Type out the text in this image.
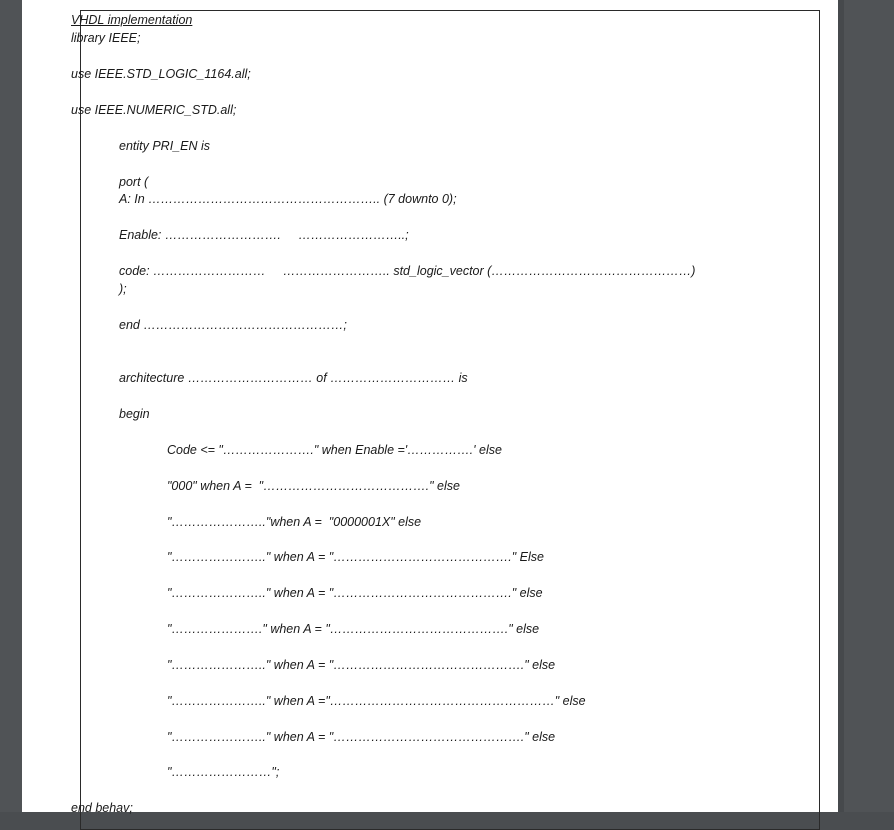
VHDL implementation
library IEEE;
use IEEE.STD_LOGIC_1164.all;
use IEEE.NUMERIC_STD.all;
entity PRI_EN is
port (
A: In ……………………………………………….. (7 downto 0);
Enable: ……………………….     ……………………..;
code: ………………………     …………………….. std_logic_vector (…………………………………………)
);
end …………………………………………;
architecture ………………………… of ………………………… is
begin
Code <= "…………………." when Enable ='…………….' else
"000" when A =  "…………………………………." else
"………………….."when A =  "0000001X" else
"………………….." when A = "……………………………………." Else
"………………….." when A = "……………………………………." else
"…………………." when A = "……………………………………." else
"………………….." when A = "………………………………………." else
"………………….." when A ="………………………………………………" else
"………………….." when A = "………………………………………." else
"……………………";
end behav;
